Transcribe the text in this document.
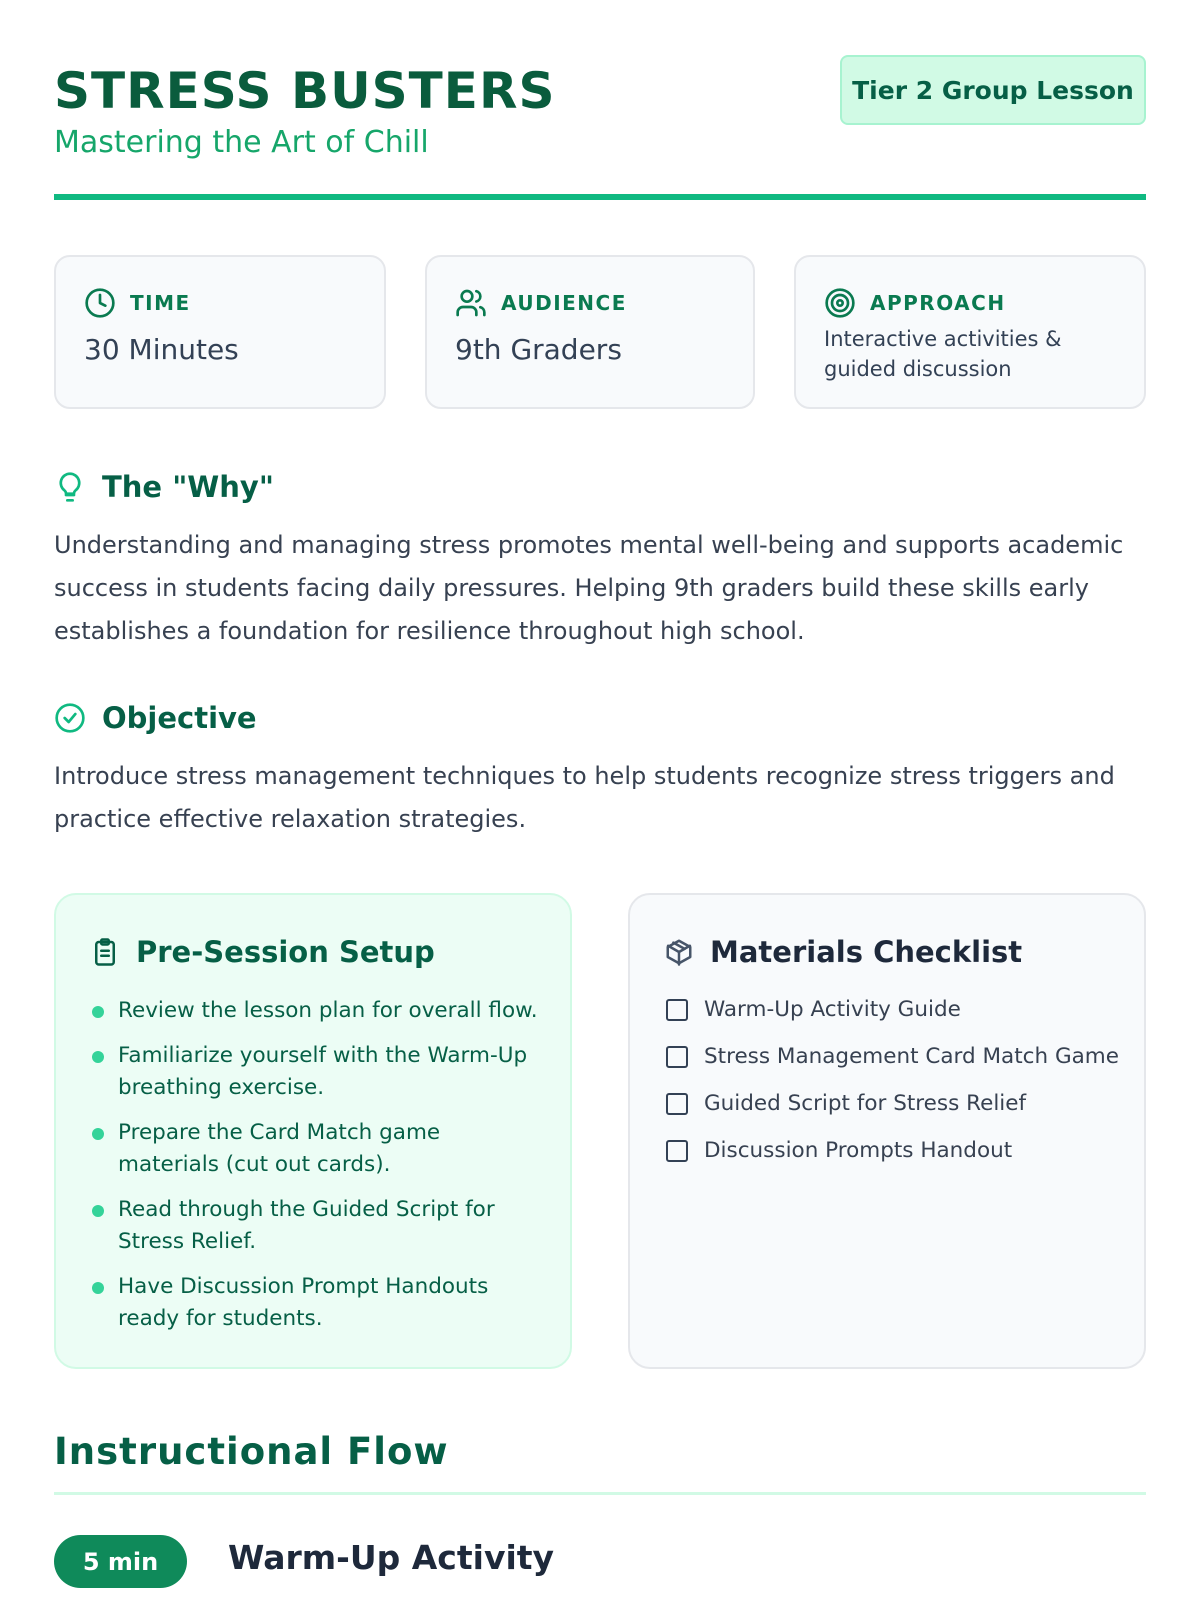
STRESS BUSTERS
Mastering the Art of Chill
Tier 2 Group Lesson
TIME
30 Minutes
AUDIENCE
9th Graders
APPROACH
Interactive activities & guided discussion
The "Why"
Understanding and managing stress promotes mental well-being and supports academic success in students facing daily pressures. Helping 9th graders build these skills early establishes a foundation for resilience throughout high school.
Objective
Introduce stress management techniques to help students recognize stress triggers and practice effective relaxation strategies.
Pre-Session Setup
Review the lesson plan for overall flow.
Familiarize yourself with the Warm-Up breathing exercise.
Prepare the Card Match game materials (cut out cards).
Read through the Guided Script for Stress Relief.
Have Discussion Prompt Handouts ready for students.
Materials Checklist
Warm-Up Activity Guide
Stress Management Card Match Game
Guided Script for Stress Relief
Discussion Prompts Handout
Instructional Flow
5 min	Warm-Up Activity
